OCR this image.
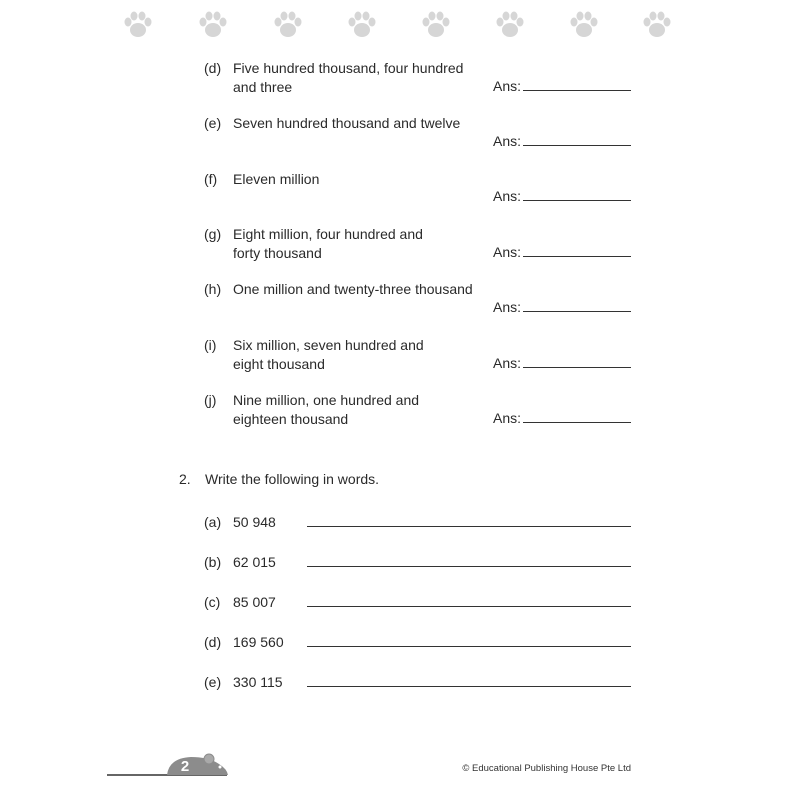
(d) Five hundred thousand, four hundred
and three	Ans:
(e) Seven hundred thousand and twelve
Ans:
(f) Eleven million
Ans:
(g) Eight million, four hundred and
forty thousand	Ans:
(h) One million and twenty-three thousand
Ans:
(i) Six million, seven hundred and
eight thousand	Ans:
(j) Nine million, one hundred and
eighteen thousand	Ans:
2. Write the following in words.
(a) 50 948
(b) 62 015
(c) 85 007
(d) 169 560
(e) 330 115
2	© Educational Publishing House Pte Ltd
